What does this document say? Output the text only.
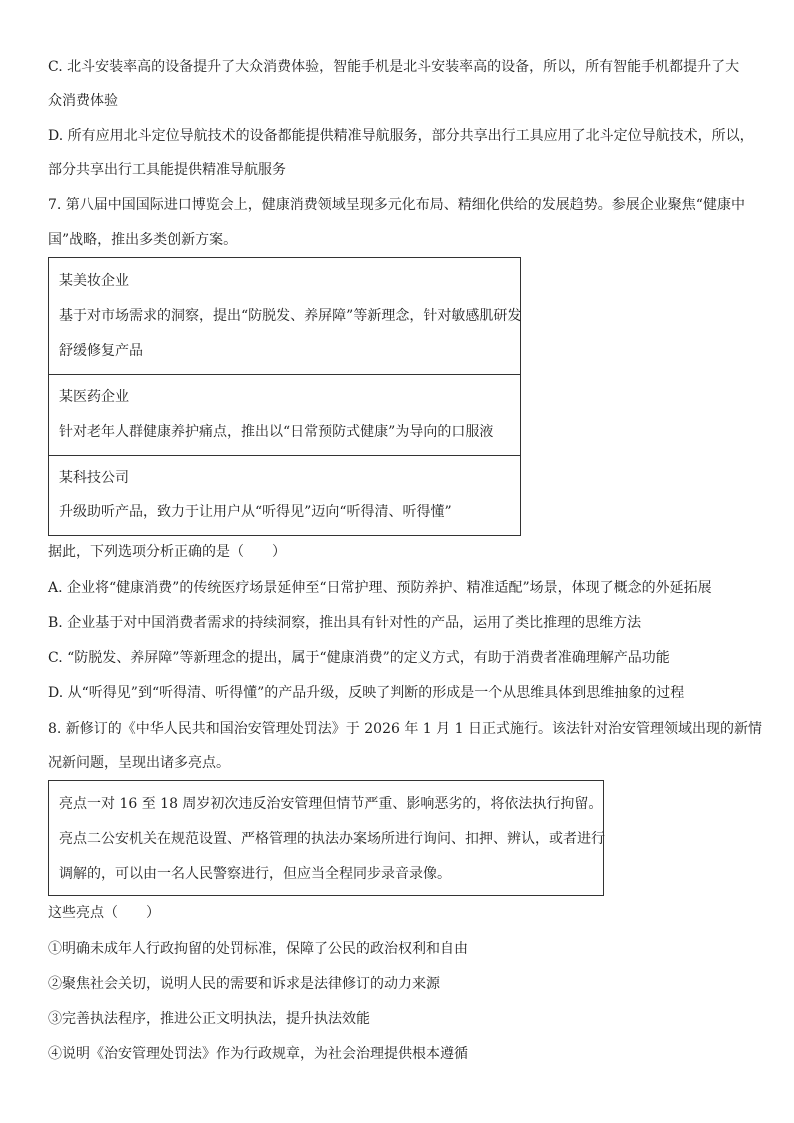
C. 北斗安装率高的设备提升了大众消费体验，智能手机是北斗安装率高的设备，所以，所有智能手机都提升了大
众消费体验
D. 所有应用北斗定位导航技术的设备都能提供精准导航服务，部分共享出行工具应用了北斗定位导航技术，所以，
部分共享出行工具能提供精准导航服务
7. 第八届中国国际进口博览会上，健康消费领域呈现多元化布局、精细化供给的发展趋势。参展企业聚焦“健康中
国”战略，推出多类创新方案。
某美妆企业
基于对市场需求的洞察，提出“防脱发、养屏障”等新理念，针对敏感肌研发
舒缓修复产品
某医药企业
针对老年人群健康养护痛点，推出以“日常预防式健康”为导向的口服液
某科技公司
升级助听产品，致力于让用户从“听得见”迈向“听得清、听得懂”
据此，下列选项分析正确的是（　　）
A. 企业将“健康消费”的传统医疗场景延伸至“日常护理、预防养护、精准适配”场景，体现了概念的外延拓展
B. 企业基于对中国消费者需求的持续洞察，推出具有针对性的产品，运用了类比推理的思维方法
C. “防脱发、养屏障”等新理念的提出，属于“健康消费”的定义方式，有助于消费者准确理解产品功能
D. 从“听得见”到“听得清、听得懂”的产品升级，反映了判断的形成是一个从思维具体到思维抽象的过程
8. 新修订的《中华人民共和国治安管理处罚法》于 2026 年 1 月 1 日正式施行。该法针对治安管理领域出现的新情
况新问题，呈现出诸多亮点。
亮点一对 16 至 18 周岁初次违反治安管理但情节严重、影响恶劣的，将依法执行拘留。
亮点二公安机关在规范设置、严格管理的执法办案场所进行询问、扣押、辨认，或者进行
调解的，可以由一名人民警察进行，但应当全程同步录音录像。
这些亮点（　　）
①明确未成年人行政拘留的处罚标准，保障了公民的政治权利和自由
②聚焦社会关切，说明人民的需要和诉求是法律修订的动力来源
③完善执法程序，推进公正文明执法，提升执法效能
④说明《治安管理处罚法》作为行政规章，为社会治理提供根本遵循
